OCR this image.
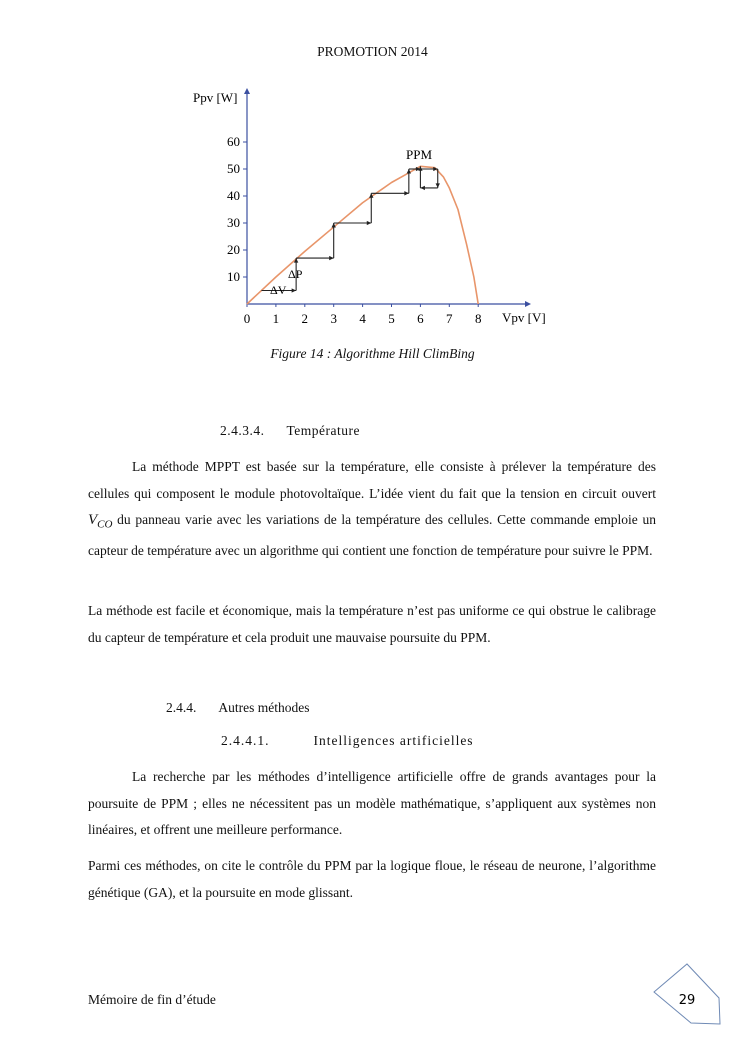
PROMOTION 2014
0 1 2 3 4 5 6 7 8
10
20
30
40
50
60
Ppv [W]
Vpv [V]
PPM
ΔP
ΔV
Figure 14 : Algorithme Hill ClimBing
2.4.3.4. Température
La méthode MPPT est basée sur la température, elle consiste à prélever la température des cellules qui composent le module photovoltaïque. L’idée vient du fait que la tension en circuit ouvert $V_{CO}$ du panneau varie avec les variations de la température des cellules. Cette commande emploie un capteur de température avec un algorithme qui contient une fonction de température pour suivre le PPM.
La méthode est facile et économique, mais la température n’est pas uniforme ce qui obstrue le calibrage du capteur de température et cela produit une mauvaise poursuite du PPM.
2.4.4. Autres méthodes
2.4.4.1.	Intelligences artificielles
La recherche par les méthodes d’intelligence artificielle offre de grands avantages pour la poursuite de PPM ; elles ne nécessitent pas un modèle mathématique, s’appliquent aux systèmes non linéaires, et offrent une meilleure performance.
Parmi ces méthodes, on cite le contrôle du PPM par la logique floue, le réseau de neurone, l’algorithme génétique (GA), et la poursuite en mode glissant.
Mémoire de fin d’étude	29
